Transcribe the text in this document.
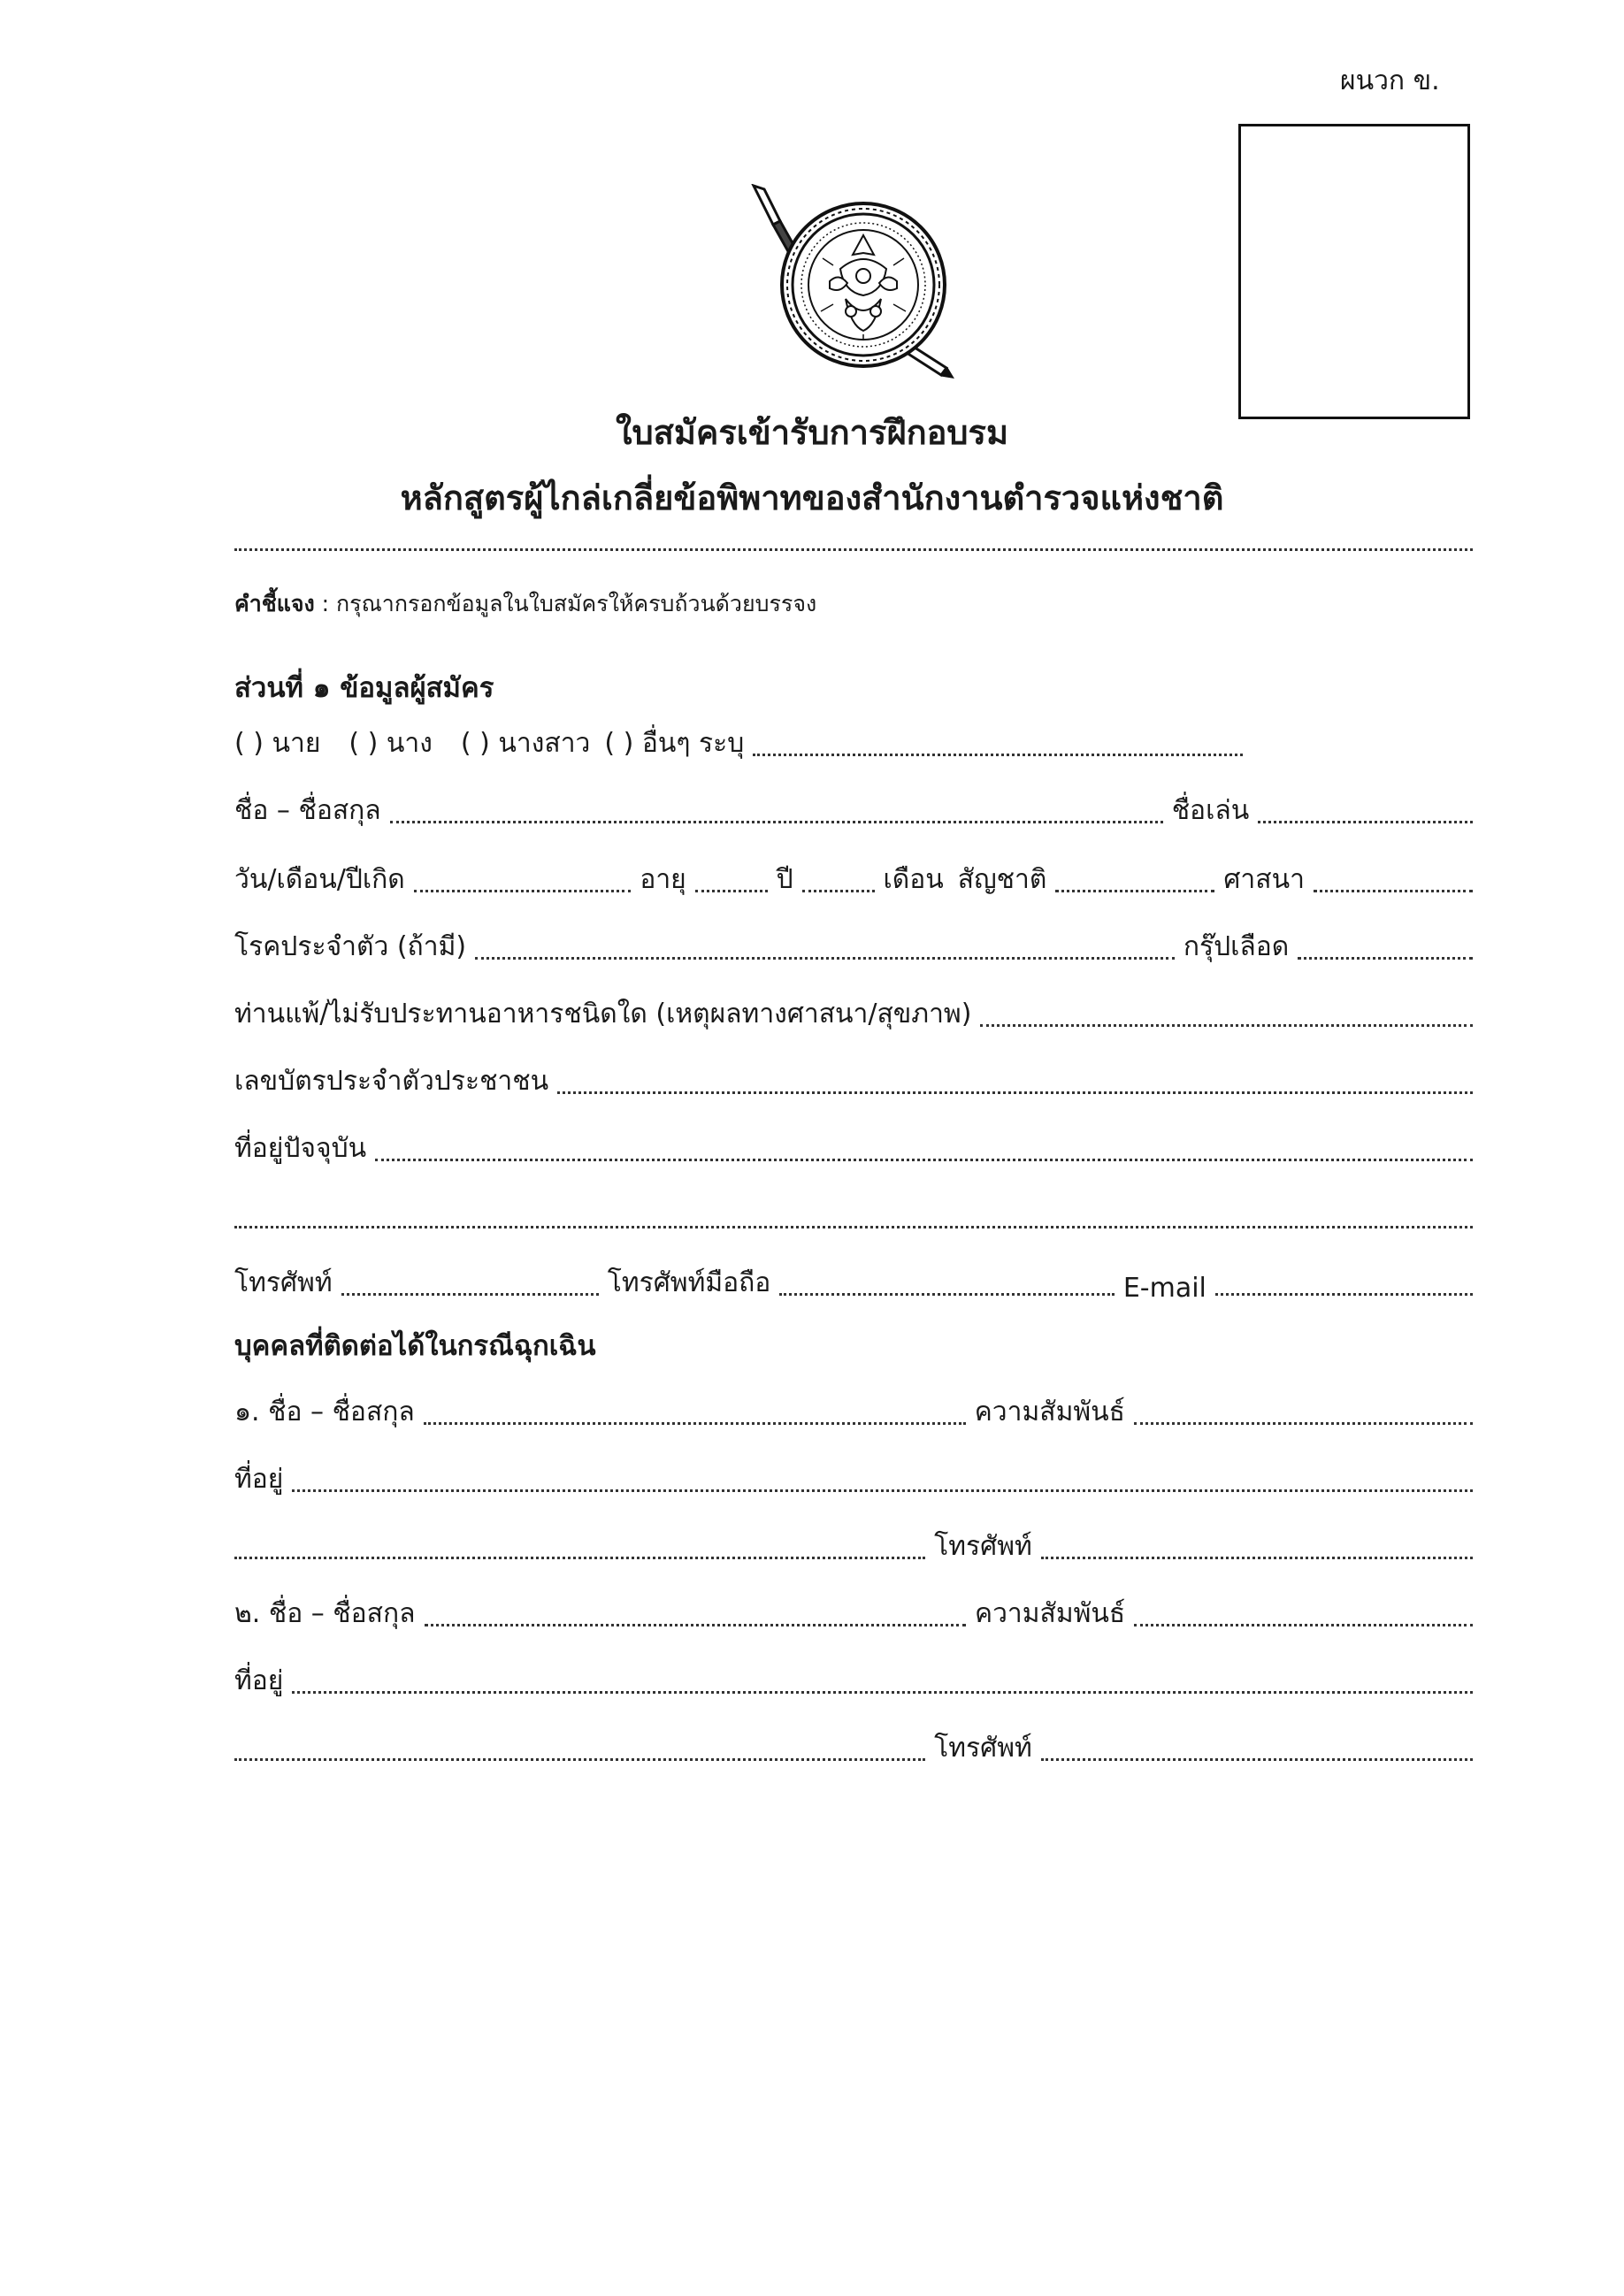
ผนวก ข.
ใบสมัครเข้ารับการฝึกอบรม
หลักสูตรผู้ไกล่เกลี่ยข้อพิพาทของสำนักงานตำรวจแห่งชาติ
คำชี้แจง : กรุณากรอกข้อมูลในใบสมัครให้ครบถ้วนด้วยบรรจง
ส่วนที่ ๑ ข้อมูลผู้สมัคร
( ) นาย ( ) นาง ( ) นางสาว ( ) อื่นๆ ระบุ
ชื่อ – ชื่อสกุล	ชื่อเล่น
วัน/เดือน/ปีเกิด	อายุ	ปี	เดือน สัญชาติ	ศาสนา
โรคประจำตัว (ถ้ามี)	กรุ๊ปเลือด
ท่านแพ้/ไม่รับประทานอาหารชนิดใด (เหตุผลทางศาสนา/สุขภาพ)
เลขบัตรประจำตัวประชาชน
ที่อยู่ปัจจุบัน
โทรศัพท์	โทรศัพท์มือถือ	E-mail
บุคคลที่ติดต่อได้ในกรณีฉุกเฉิน
๑. ชื่อ – ชื่อสกุล	ความสัมพันธ์
ที่อยู่
โทรศัพท์
๒. ชื่อ – ชื่อสกุล	ความสัมพันธ์
ที่อยู่
โทรศัพท์
